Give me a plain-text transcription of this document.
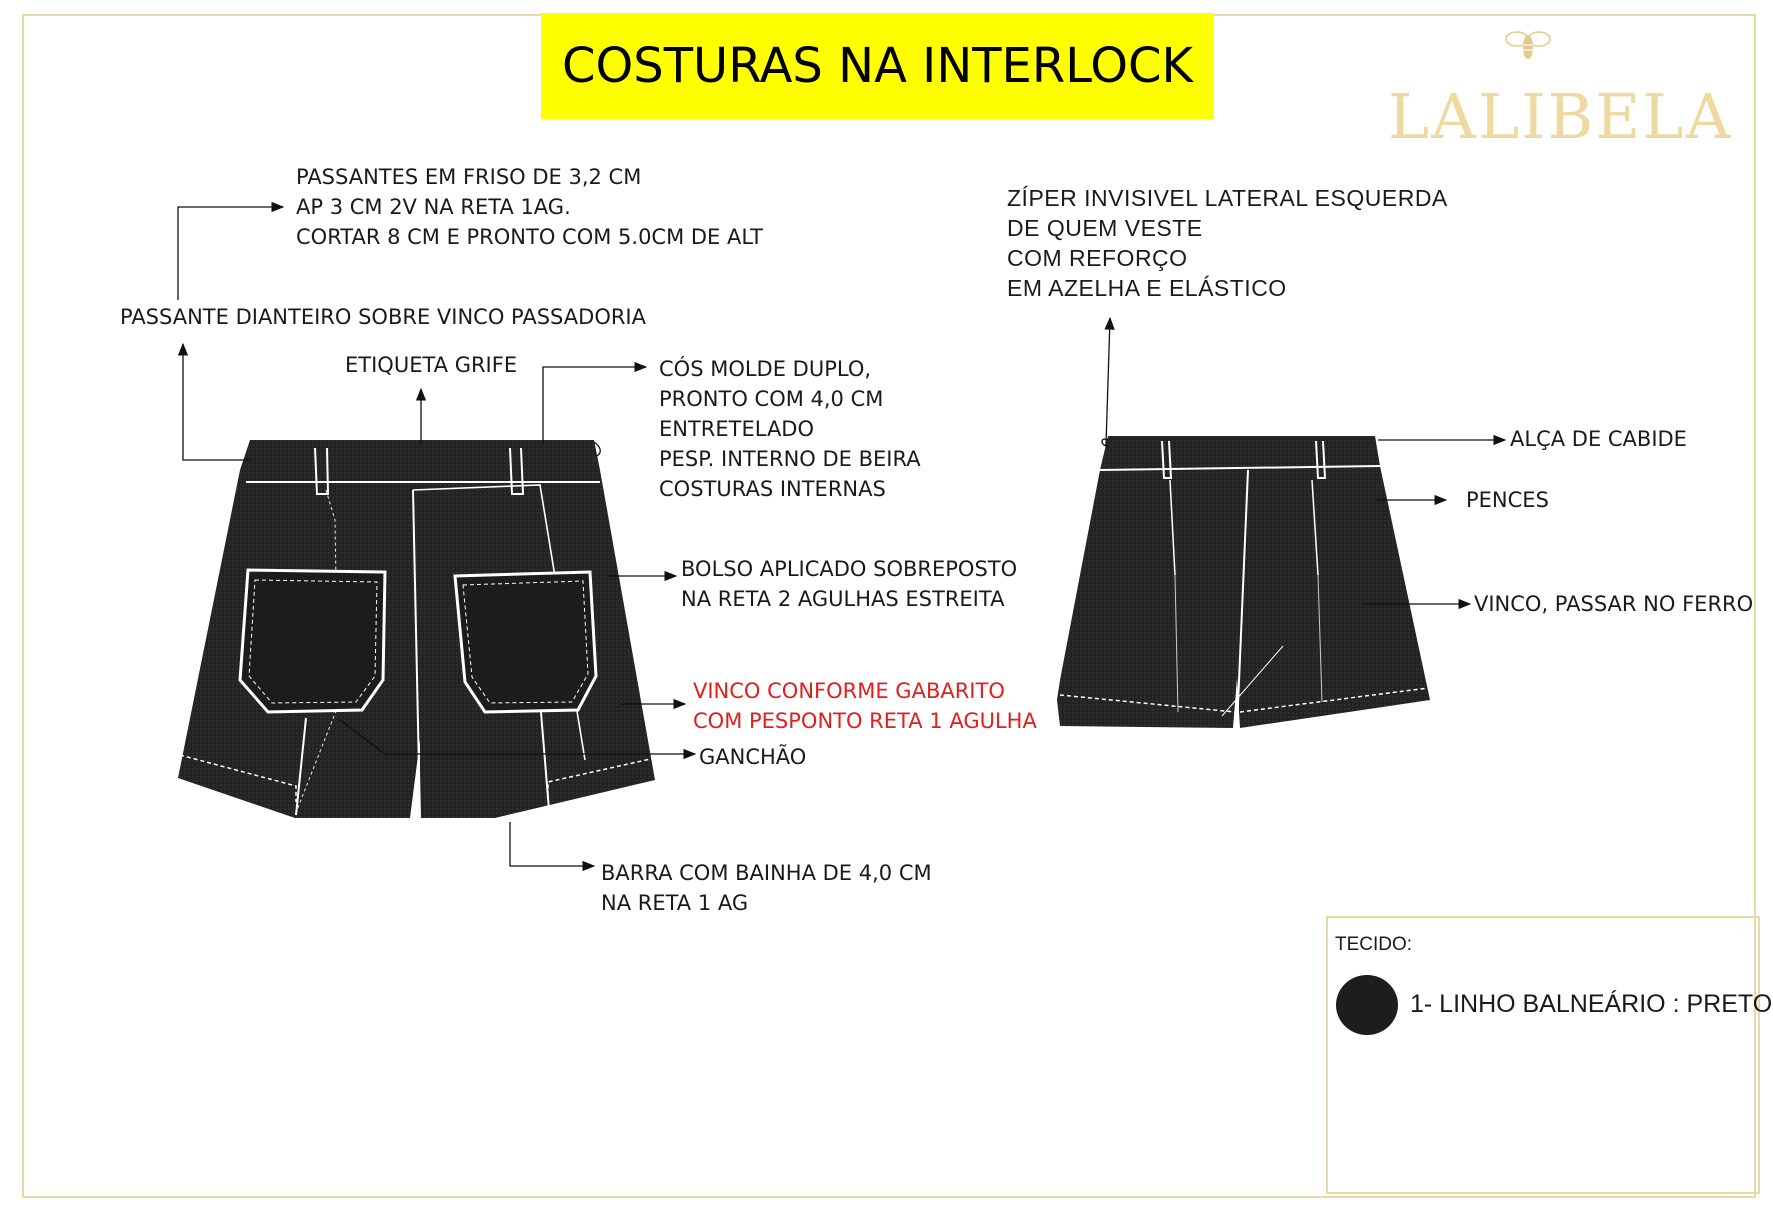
COSTURAS NA INTERLOCK
LALIBELA
PASSANTES EM FRISO DE 3,2 CM
AP 3 CM 2V NA RETA 1AG.
CORTAR 8 CM E PRONTO COM 5.0CM DE ALT
PASSANTE DIANTEIRO SOBRE VINCO PASSADORIA
ETIQUETA GRIFE	CÓS MOLDE DUPLO,
PRONTO COM 4,0 CM
ENTRETELADO
PESP. INTERNO DE BEIRA
COSTURAS INTERNAS
BOLSO APLICADO SOBREPOSTO
NA RETA 2 AGULHAS ESTREITA
VINCO CONFORME GABARITO
COM PESPONTO RETA 1 AGULHA
GANCHÃO
BARRA COM BAINHA DE 4,0 CM
NA RETA 1 AG
ZÍPER INVISIVEL LATERAL ESQUERDA
DE QUEM VESTE
COM REFORÇO
EM AZELHA E ELÁSTICO
ALÇA DE CABIDE
PENCES
VINCO, PASSAR NO FERRO
TECIDO:
1- LINHO BALNEÁRIO : PRETO
